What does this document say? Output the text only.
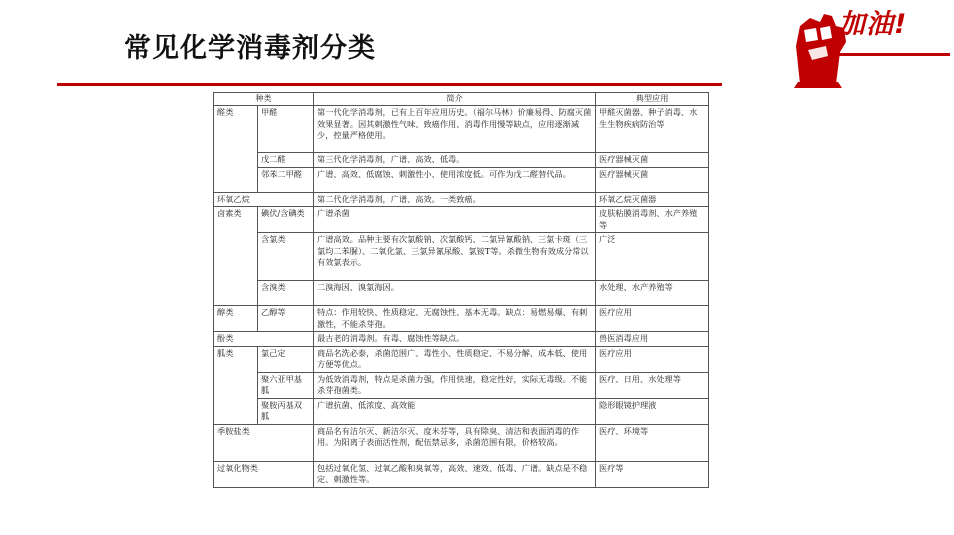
常见化学消毒剂分类
加油!
种类		简介	典型应用
醛类	甲醛	第一代化学消毒剂，已有上百年应用历史。（福尔马林）价廉易得、防腐灭菌效果显著。因其刺激性气味、致癌作用、消毒作用慢等缺点，应用逐渐减少，控量严格使用。	甲醛灭菌器、种子消毒、水生生物疾病防治等
	戊二醛	第三代化学消毒剂，广谱、高效、低毒。	医疗器械灭菌
	邻苯二甲醛	广谱、高效、低腐蚀、刺激性小、使用浓度低。可作为戊二醛替代品。	医疗器械灭菌
环氧乙烷		第二代化学消毒剂，广谱、高效。一类致癌。	环氧乙烷灭菌器
卤素类	碘伏/含碘类	广谱杀菌	皮肤粘膜消毒剂、水产养殖等
	含氯类	广谱高效。品种主要有次氯酸钠、次氯酸钙、二氯异氰酸钠、三氯卡斑（三氯均二苯脲）、二氧化氯、三氯异氰尿酸、氯铵T等。杀微生物有效成分常以有效氯表示。	广泛
	含溴类	二溴海因、溴氯海因。	水处理、水产养殖等
醇类	乙醇等	特点：作用较快、性质稳定、无腐蚀性、基本无毒。缺点：易燃易爆、有刺激性，不能杀芽孢。	医疗应用
酚类		最古老的消毒剂。有毒、腐蚀性等缺点。	兽医消毒应用
胍类	氯己定	商品名洗必泰，杀菌范围广、毒性小、性质稳定、不易分解、成本低、使用方便等优点。	医疗应用
	聚六亚甲基胍	为低效消毒剂，特点是杀菌力强，作用快速，稳定性好，实际无毒级。不能杀芽孢菌类。	医疗、日用、水处理等
	聚胺丙基双胍	广谱抗菌、低浓度、高效能	隐形眼镜护理液
季胺盐类		商品名有洁尔灭、新洁尔灭、度米芬等，具有除臭、清洁和表面消毒的作用。为阳离子表面活性剂，配伍禁忌多，杀菌范围有限，价格较高。	医疗、环境等
过氧化物类		包括过氧化氢、过氧乙酸和臭氧等，高效、速效、低毒、广谱。缺点是不稳定、刺激性等。	医疗等
